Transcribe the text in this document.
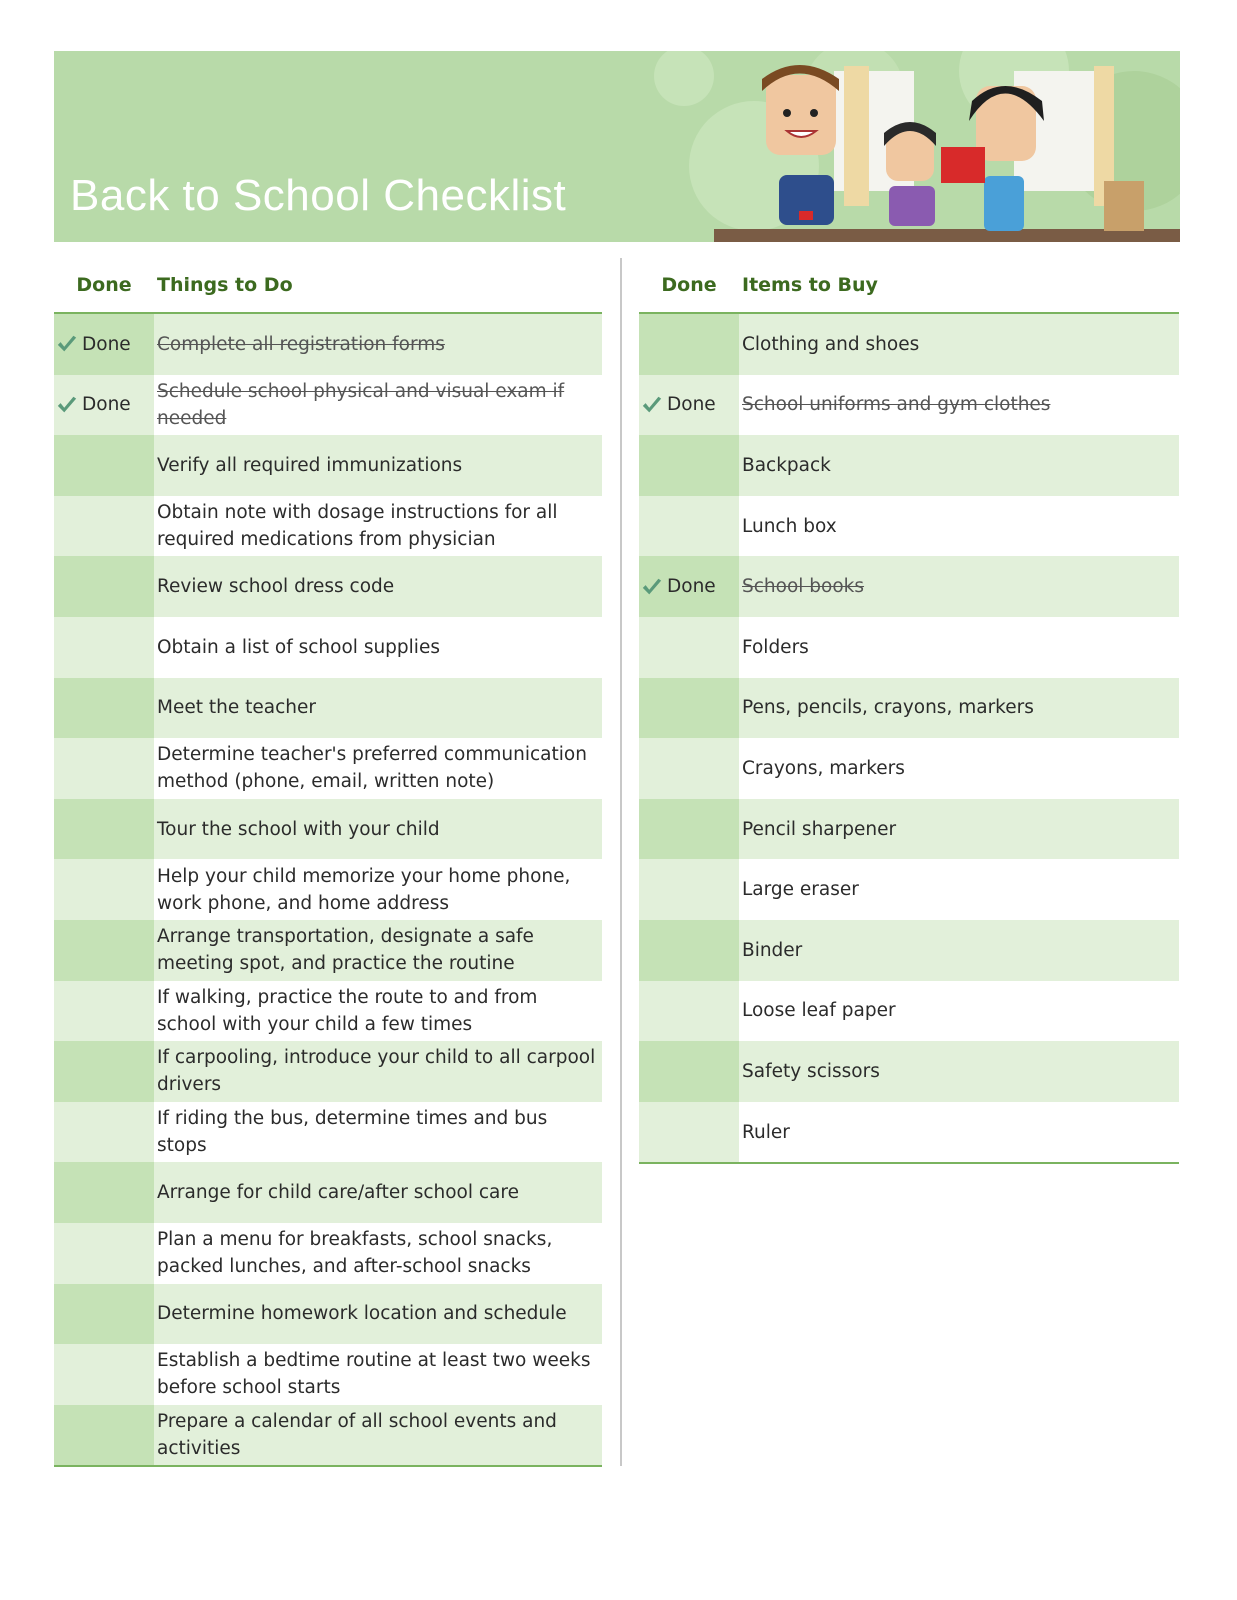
Back to School Checklist
Done	Things to Do
Done Complete all registration forms
Done
Schedule school physical and visual exam if needed
Verify all required immunizations
Obtain note with dosage instructions for all required medications from physician
Review school dress code
Obtain a list of school supplies
Meet the teacher
Determine teacher's preferred communication method (phone, email, written note)
Tour the school with your child
Help your child memorize your home phone, work phone, and home address
Arrange transportation, designate a safe meeting spot, and practice the routine
If walking, practice the route to and from school with your child a few times
If carpooling, introduce your child to all carpool drivers
If riding the bus, determine times and bus stops
Arrange for child care/after school care
Plan a menu for breakfasts, school snacks, packed lunches, and after-school snacks
Determine homework location and schedule
Establish a bedtime routine at least two weeks before school starts
Prepare a calendar of all school events and activities
Done	Items to Buy
Clothing and shoes
Done School uniforms and gym clothes
Backpack
Lunch box
Done School books
Folders
Pens, pencils, crayons, markers
Crayons, markers
Pencil sharpener
Large eraser
Binder
Loose leaf paper
Safety scissors
Ruler
